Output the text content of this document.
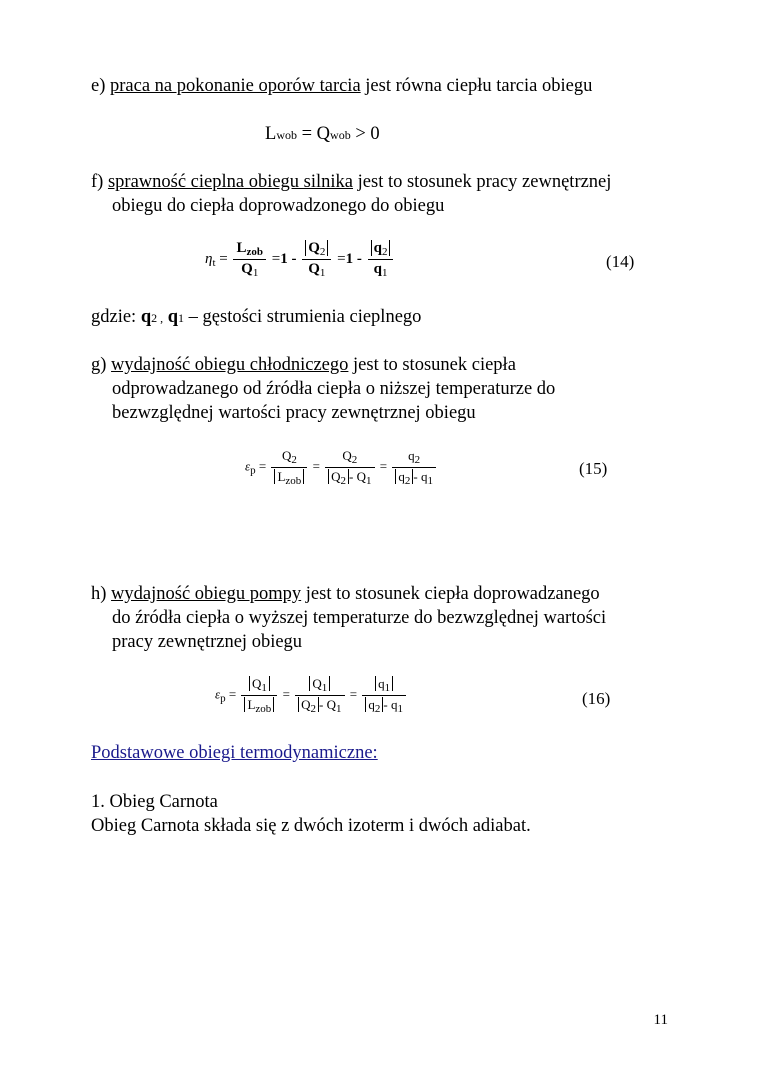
e) praca na pokonanie oporów tarcia jest równa ciepłu tarcia obiegu
Lwob = Qwob > 0
f) sprawność cieplna obiegu silnika jest to stosunek pracy zewnętrznej
obiegu do ciepła doprowadzonego do obiegu
$\eta_t = \frac{L_{zob}}{Q_1} =1 - \frac{Q_2}{Q_1} =1 - \frac{q_2}{q_1}$	(14)
gdzie: q2 , q1 – gęstości strumienia cieplnego
g) wydajność obiegu chłodniczego jest to stosunek ciepła
odprowadzanego od źródła ciepła o niższej temperaturze do
bezwzględnej wartości pracy zewnętrznej obiegu
$\varepsilon_p = \frac{Q_2}{L_{zob}} = \frac{Q_2}{Q_2 - Q_1} = \frac{q_2}{q_2 - q_1}$	(15)
h) wydajność obiegu pompy jest to stosunek ciepła doprowadzanego
do źródła ciepła o wyższej temperaturze do bezwzględnej wartości
pracy zewnętrznej obiegu
$\varepsilon_p = \frac{Q_1}{L_{zob}} = \frac{Q_1}{Q_2 - Q_1} = \frac{q_1}{q_2 - q_1}$	(16)
Podstawowe obiegi termodynamiczne:
1. Obieg Carnota
Obieg Carnota składa się z dwóch izoterm i dwóch adiabat.
11
